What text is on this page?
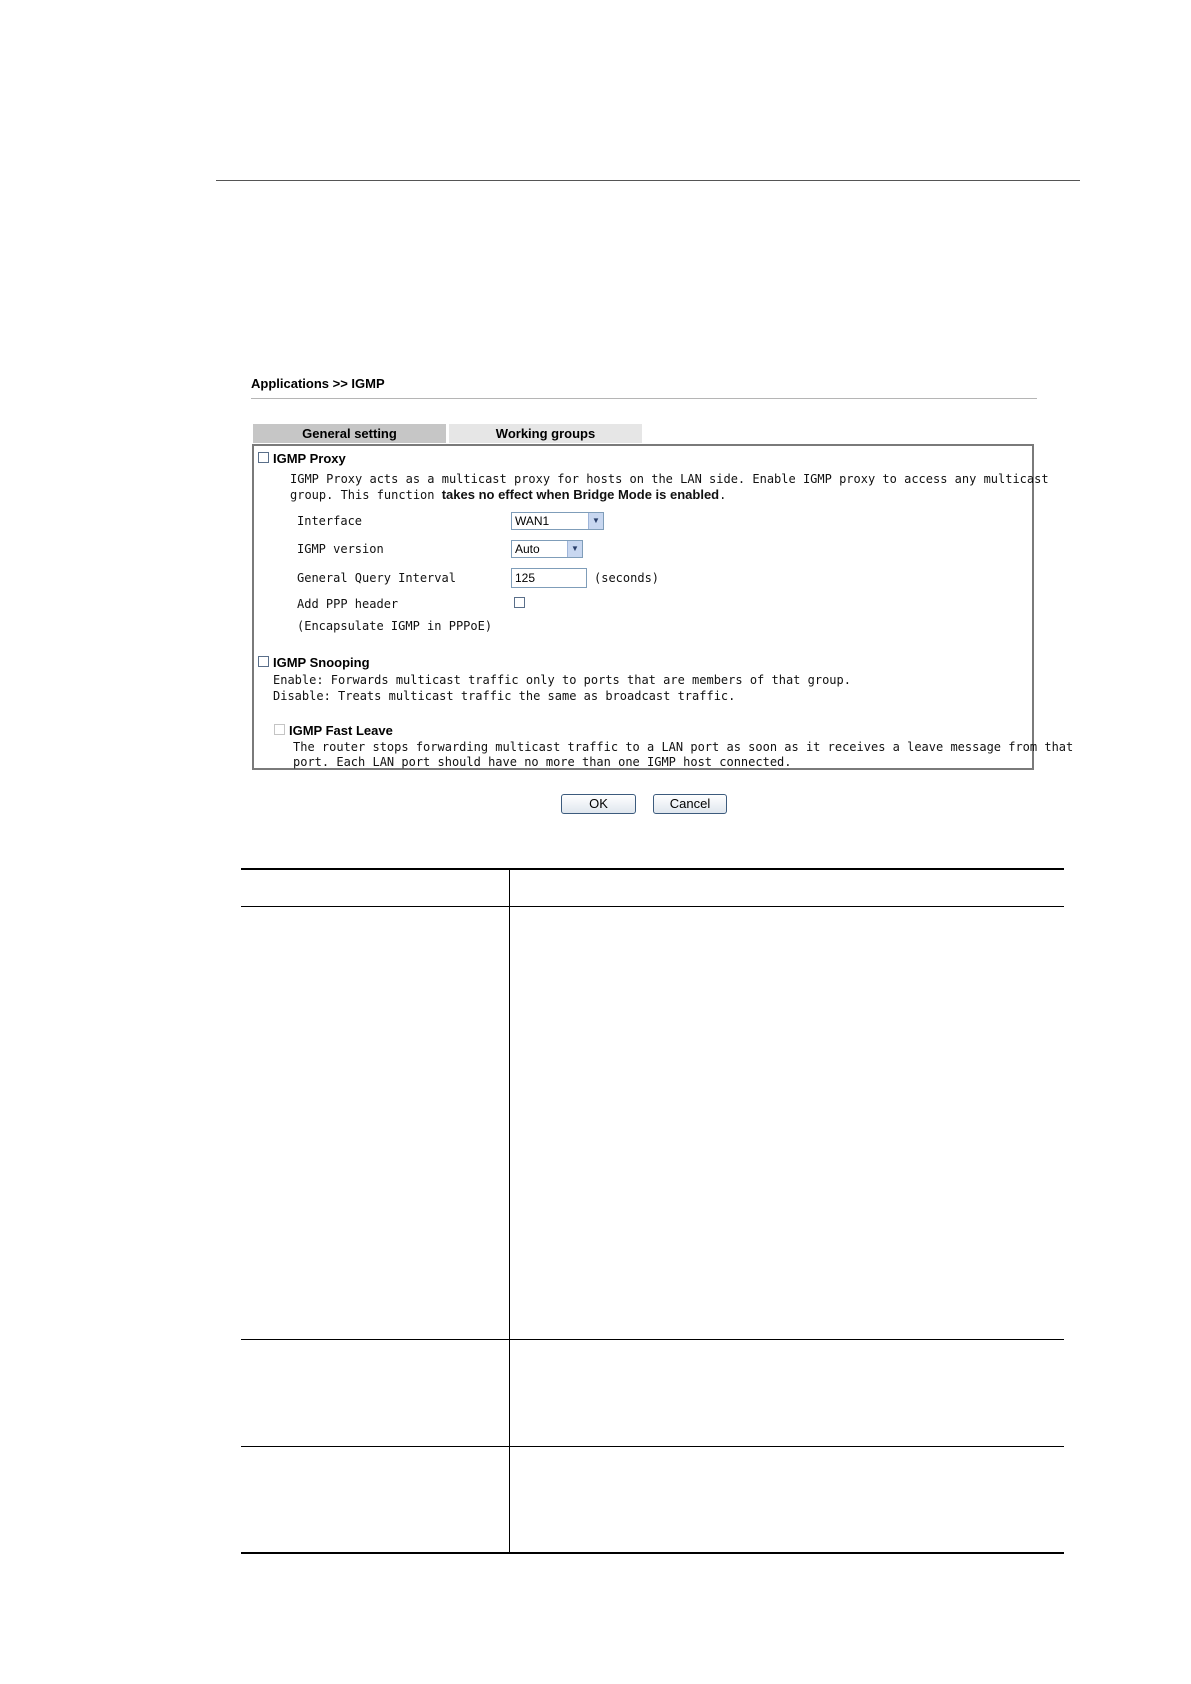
Applications >> IGMP
General setting	Working groups
IGMP Proxy
IGMP Proxy acts as a multicast proxy for hosts on the LAN side. Enable IGMP proxy to access any multicast
group. This function takes no effect when Bridge Mode is enabled.
Interface	WAN1	▼
IGMP version	Auto	▼
General Query Interval	125	(seconds)
Add PPP header
(Encapsulate IGMP in PPPoE)
IGMP Snooping
Enable: Forwards multicast traffic only to ports that are members of that group.
Disable: Treats multicast traffic the same as broadcast traffic.
IGMP Fast Leave
The router stops forwarding multicast traffic to a LAN port as soon as it receives a leave message from that
port. Each LAN port should have no more than one IGMP host connected.
OK	Cancel
